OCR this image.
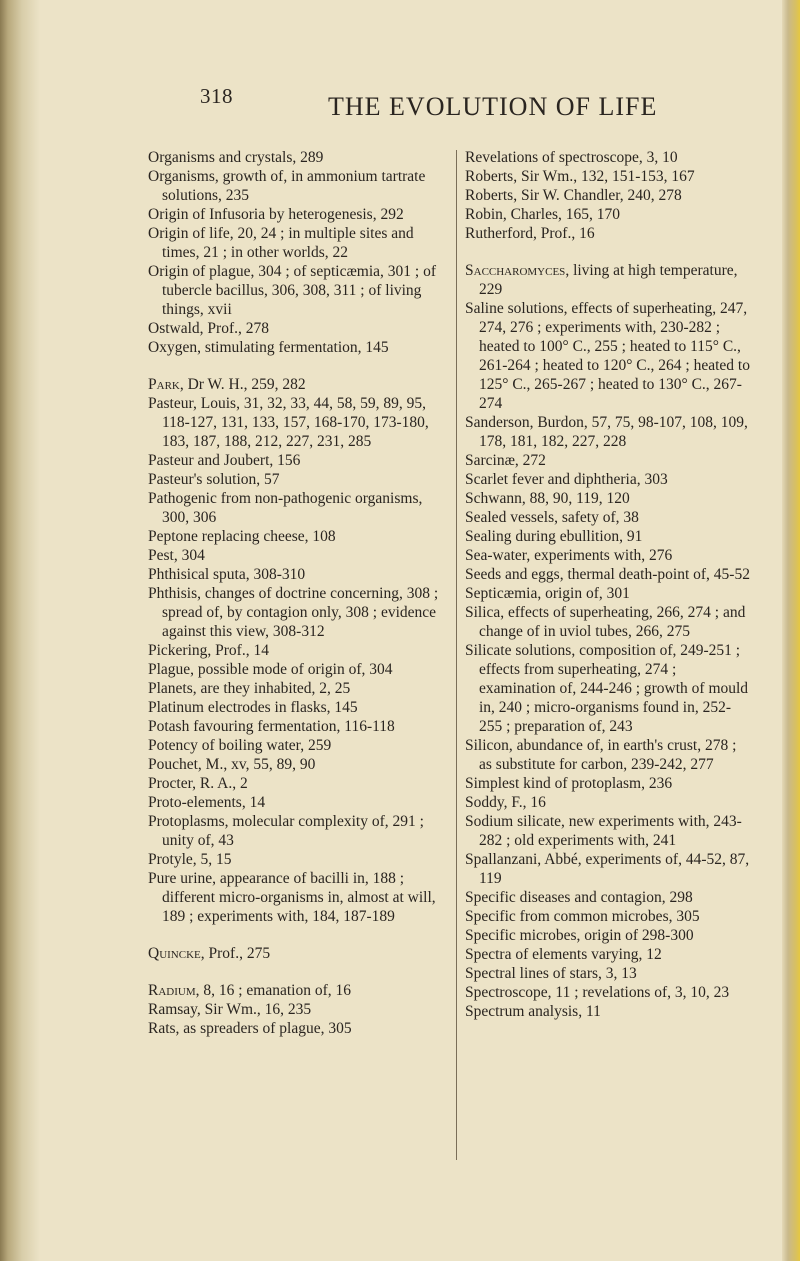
318	THE EVOLUTION OF LIFE

Organisms and crystals, 289

Organisms, growth of, in ammonium tartrate solutions, 235

Origin of Infusoria by heterogenesis, 292

Origin of life, 20, 24 ; in multiple sites and times, 21 ; in other worlds, 22

Origin of plague, 304 ; of septicæmia, 301 ; of tubercle bacillus, 306, 308, 311 ; of living things, xvii

Ostwald, Prof., 278

Oxygen, stimulating fermentation, 145

Park, Dr W. H., 259, 282

Pasteur, Louis, 31, 32, 33, 44, 58, 59, 89, 95, 118-127, 131, 133, 157, 168-170, 173-180, 183, 187, 188, 212, 227, 231, 285

Pasteur and Joubert, 156

Pasteur's solution, 57

Pathogenic from non-pathogenic organisms, 300, 306

Peptone replacing cheese, 108

Pest, 304

Phthisical sputa, 308-310

Phthisis, changes of doctrine concerning, 308 ; spread of, by contagion only, 308 ; evidence against this view, 308-312

Pickering, Prof., 14

Plague, possible mode of origin of, 304

Planets, are they inhabited, 2, 25

Platinum electrodes in flasks, 145

Potash favouring fermentation, 116-118

Potency of boiling water, 259

Pouchet, M., xv, 55, 89, 90

Procter, R. A., 2

Proto-elements, 14

Protoplasms, molecular complexity of, 291 ; unity of, 43

Protyle, 5, 15

Pure urine, appearance of bacilli in, 188 ; different micro-organisms in, almost at will, 189 ; experiments with, 184, 187-189

Quincke, Prof., 275

Radium, 8, 16 ; emanation of, 16

Ramsay, Sir Wm., 16, 235

Rats, as spreaders of plague, 305

Revelations of spectroscope, 3, 10

Roberts, Sir Wm., 132, 151-153, 167

Roberts, Sir W. Chandler, 240, 278

Robin, Charles, 165, 170

Rutherford, Prof., 16

Saccharomyces, living at high temperature, 229

Saline solutions, effects of superheating, 247, 274, 276 ; experiments with, 230-282 ; heated to 100° C., 255 ; heated to 115° C., 261-264 ; heated to 120° C., 264 ; heated to 125° C., 265-267 ; heated to 130° C., 267-274

Sanderson, Burdon, 57, 75, 98-107, 108, 109, 178, 181, 182, 227, 228

Sarcinæ, 272

Scarlet fever and diphtheria, 303

Schwann, 88, 90, 119, 120

Sealed vessels, safety of, 38

Sealing during ebullition, 91

Sea-water, experiments with, 276

Seeds and eggs, thermal death-point of, 45-52

Septicæmia, origin of, 301

Silica, effects of superheating, 266, 274 ; and change of in uviol tubes, 266, 275

Silicate solutions, composition of, 249-251 ; effects from superheating, 274 ; examination of, 244-246 ; growth of mould in, 240 ; micro-organisms found in, 252-255 ; preparation of, 243

Silicon, abundance of, in earth's crust, 278 ; as substitute for carbon, 239-242, 277

Simplest kind of protoplasm, 236

Soddy, F., 16

Sodium silicate, new experiments with, 243-282 ; old experiments with, 241

Spallanzani, Abbé, experiments of, 44-52, 87, 119

Specific diseases and contagion, 298

Specific from common microbes, 305

Specific microbes, origin of 298-300

Spectra of elements varying, 12

Spectral lines of stars, 3, 13

Spectroscope, 11 ; revelations of, 3, 10, 23

Spectrum analysis, 11
